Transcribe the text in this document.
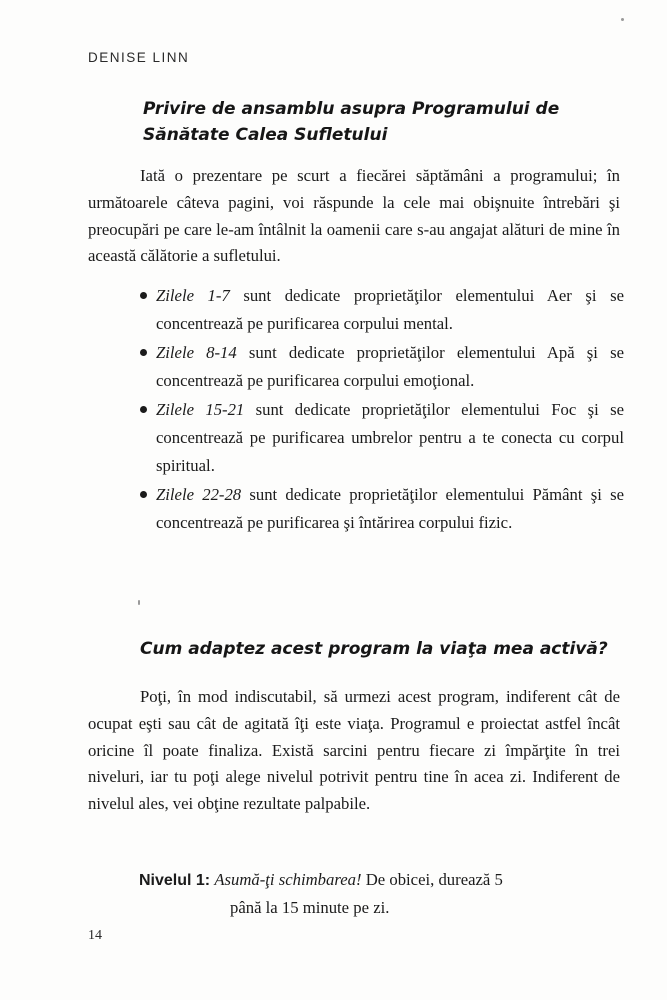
DENISE LINN
Privire de ansamblu asupra Programului de
Sănătate Calea Sufletului

Iată o prezentare pe scurt a fiecărei săptămâni a programului; în următoarele câteva pagini, voi răspunde la cele mai obişnuite întrebări şi preocupări pe care le-am întâlnit la oamenii care s-au angajat alături de mine în această călătorie a sufletului.

Zilele 1-7 sunt dedicate proprietăţilor elementului Aer şi se concentrează pe purificarea corpului mental.
Zilele 8-14 sunt dedicate proprietăţilor elementului Apă şi se concentrează pe purificarea corpului emoţional.
Zilele 15-21 sunt dedicate proprietăţilor elementului Foc şi se concentrează pe purificarea umbrelor pentru a te conecta cu corpul spiritual.
Zilele 22-28 sunt dedicate proprietăţilor elementului Pământ şi se concentrează pe purificarea şi întărirea corpului fizic.
Cum adaptez acest program la viaţa mea activă?

Poţi, în mod indiscutabil, să urmezi acest program, indiferent cât de ocupat eşti sau cât de agitată îţi este viaţa. Programul e proiectat astfel încât oricine îl poate finaliza. Există sarcini pentru fiecare zi împărţite în trei niveluri, iar tu poţi alege nivelul potrivit pentru tine în acea zi. Indiferent de nivelul ales, vei obţine rezultate palpabile.

Nivelul 1: Asumă-ţi schimbarea! De obicei, durează 5
până la 15 minute pe zi.
14
